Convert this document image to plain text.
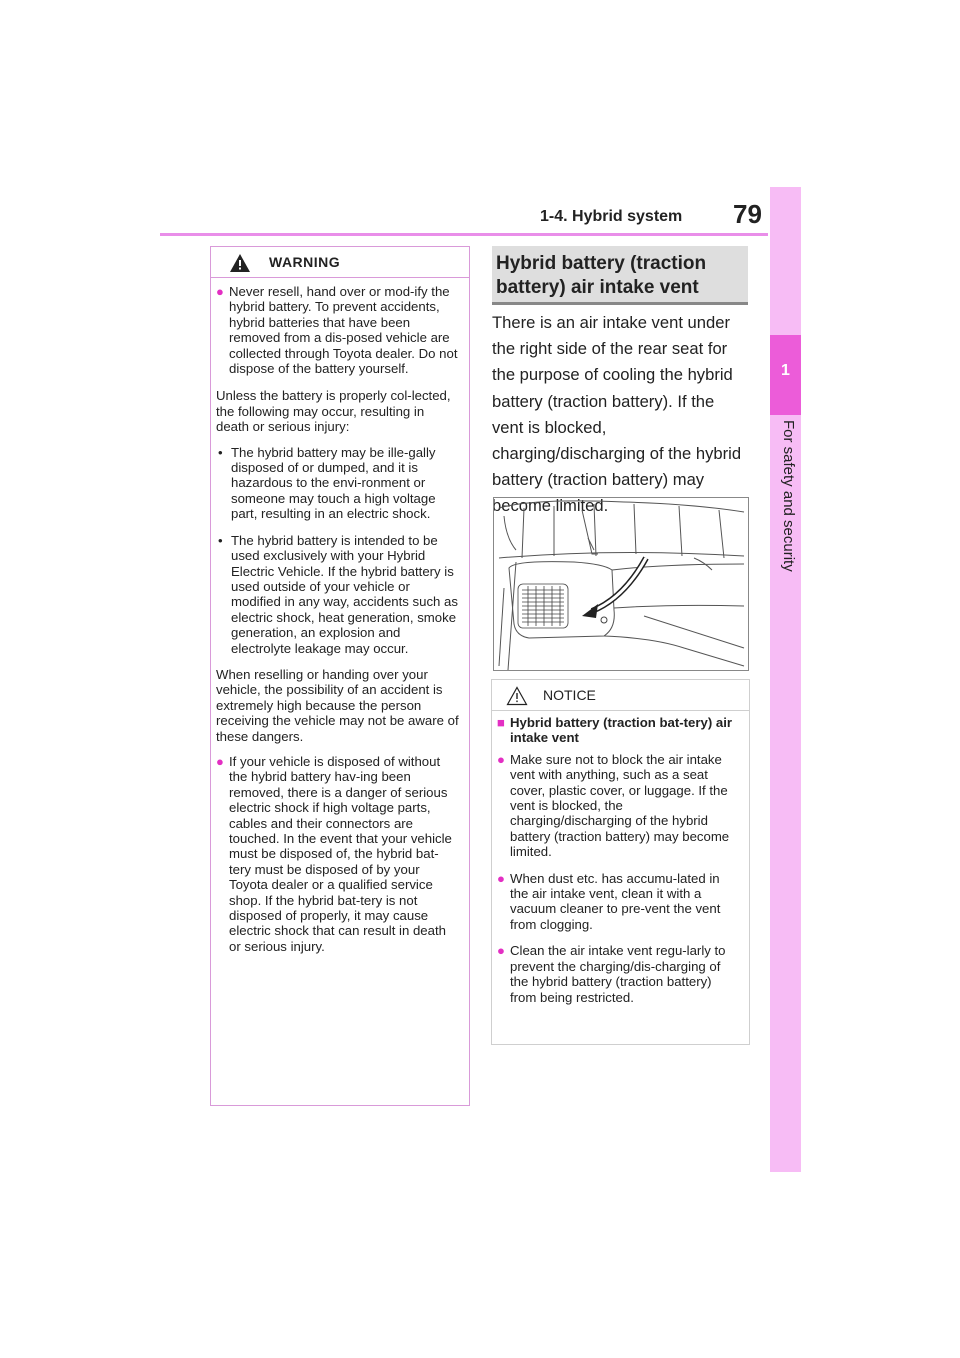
1-4. Hybrid system 79
1
For safety and security
WARNING
● Never resell, hand over or mod-ify the hybrid battery. To prevent accidents, hybrid batteries that have been removed from a dis-posed vehicle are collected through Toyota dealer. Do not dispose of the battery yourself.
Unless the battery is properly col-lected, the following may occur, resulting in death or serious injury:
• The hybrid battery may be ille-gally disposed of or dumped, and it is hazardous to the envi-ronment or someone may touch a high voltage part, resulting in an electric shock.
• The hybrid battery is intended to be used exclusively with your Hybrid Electric Vehicle. If the hybrid battery is used outside of your vehicle or modified in any way, accidents such as electric shock, heat generation, smoke generation, an explosion and electrolyte leakage may occur.
When reselling or handing over your vehicle, the possibility of an accident is extremely high because the person receiving the vehicle may not be aware of these dangers.
● If your vehicle is disposed of without the hybrid battery hav-ing been removed, there is a danger of serious electric shock if high voltage parts, cables and their connectors are touched. In the event that your vehicle must be disposed of, the hybrid bat-tery must be disposed of by your Toyota dealer or a qualified service shop. If the hybrid bat-tery is not disposed of properly, it may cause electric shock that can result in death or serious injury.
Hybrid battery (traction battery) air intake vent
There is an air intake vent under the right side of the rear seat for the purpose of cooling the hybrid battery (traction battery). If the vent is blocked, charging/discharging of the hybrid battery (traction battery) may become limited.
NOTICE
■ Hybrid battery (traction bat-tery) air intake vent
● Make sure not to block the air intake vent with anything, such as a seat cover, plastic cover, or luggage. If the vent is blocked, the charging/discharging of the hybrid battery (traction battery) may become limited.
● When dust etc. has accumu-lated in the air intake vent, clean it with a vacuum cleaner to pre-vent the vent from clogging.
● Clean the air intake vent regu-larly to prevent the charging/dis-charging of the hybrid battery (traction battery) from being restricted.
